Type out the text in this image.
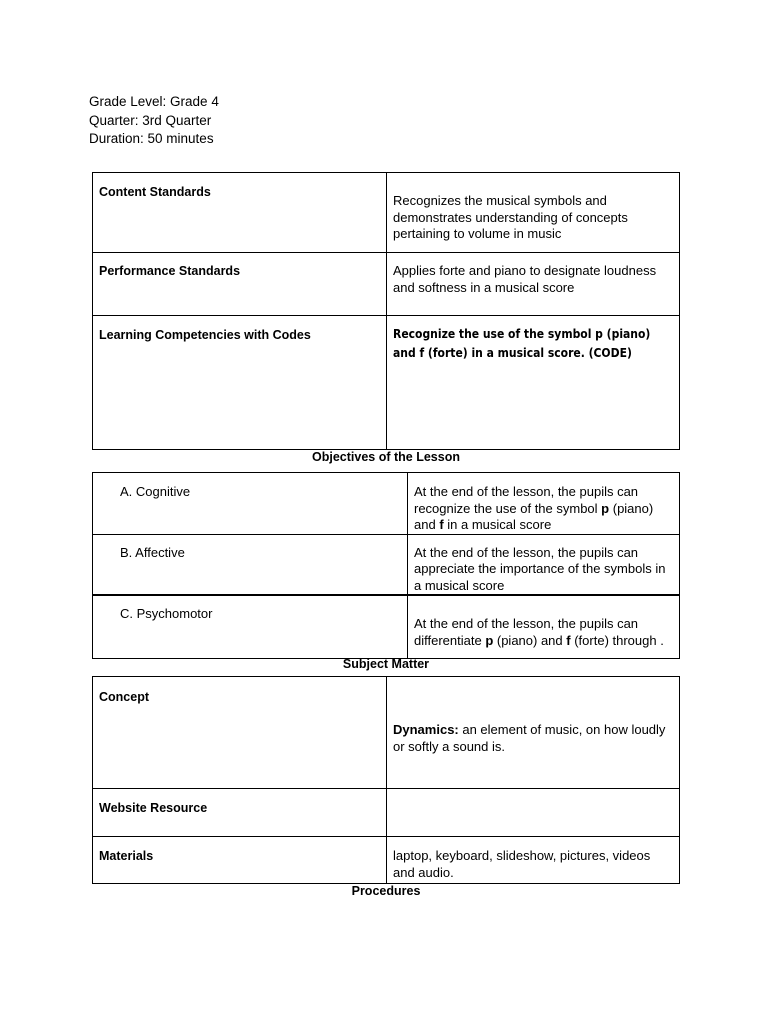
Grade Level: Grade 4
Quarter: 3rd Quarter
Duration: 50 minutes
Content Standards	Recognizes the musical symbols and demonstrates understanding of concepts pertaining to volume in music
Performance Standards	Applies forte and piano to designate loudness and softness in a musical score
Learning Competencies with Codes	Recognize the use of the symbol p (piano) and f (forte) in a musical score. (CODE)
Objectives of the Lesson
A. Cognitive	At the end of the lesson, the pupils can recognize the use of the symbol p (piano) and f in a musical score
B. Affective	At the end of the lesson, the pupils can appreciate the importance of the symbols in a musical score
C. Psychomotor	At the end of the lesson, the pupils can differentiate p (piano) and f (forte) through .
Subject Matter
Concept	Dynamics: an element of music, on how loudly or softly a sound is.
Website Resource	
Materials	laptop, keyboard, slideshow, pictures, videos and audio.
Procedures
